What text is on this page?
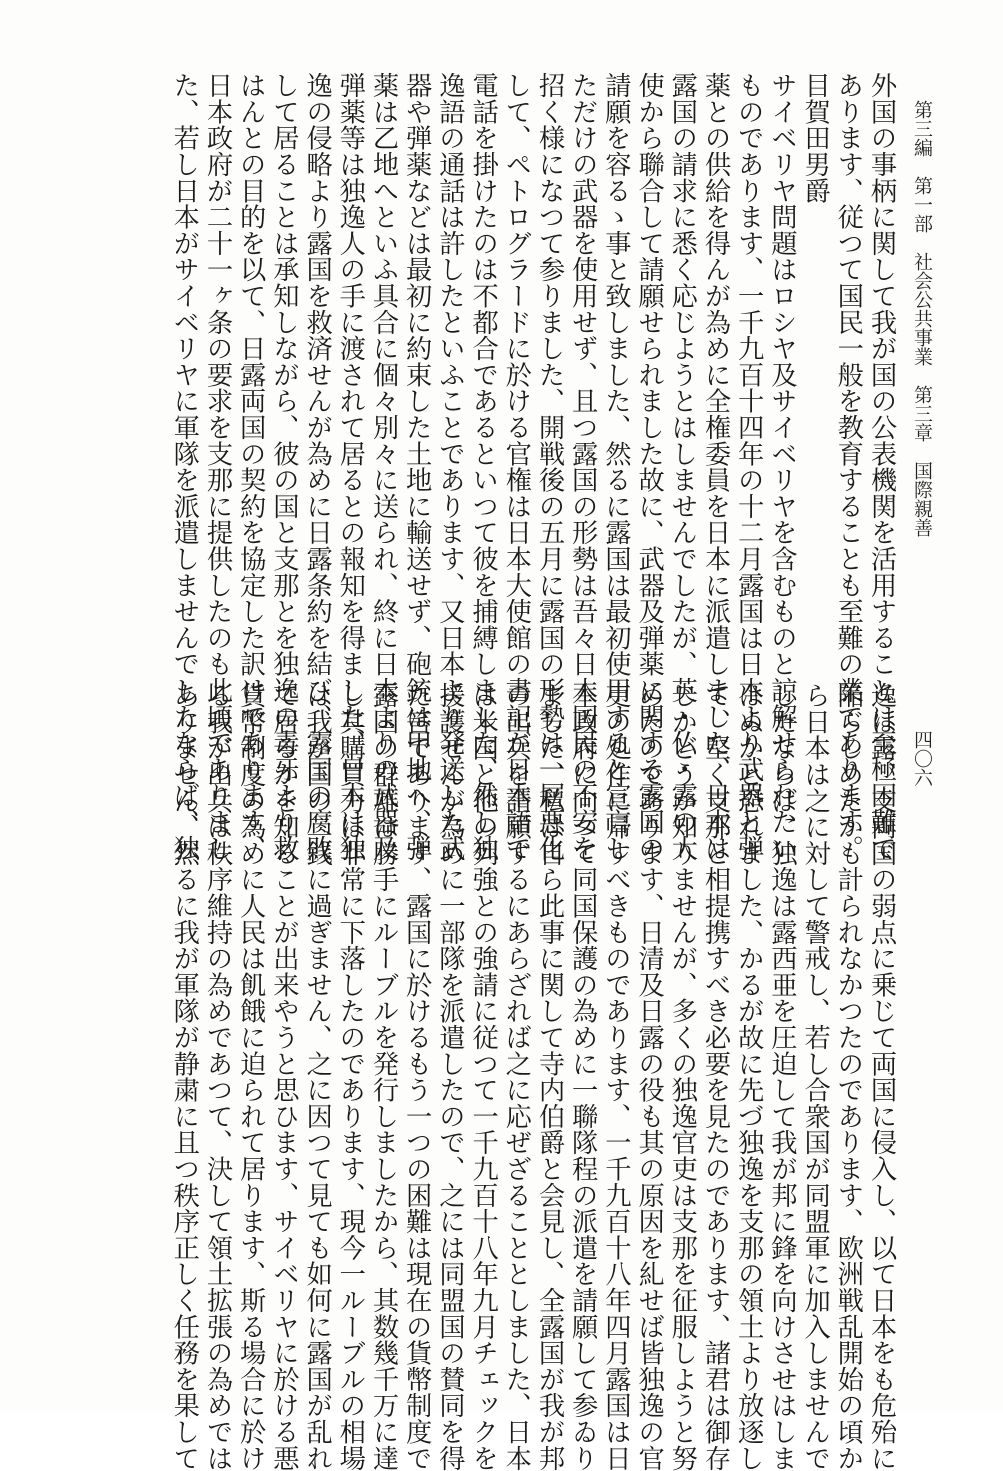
第三編　第一部　社会公共事業　第三章　国際親善
四〇六
外国の事柄に関して我が国の公表機関を活用することは至極困難で
あります、従つて国民一般を教育することも至難の業であります。
目賀田男爵
サイベリヤ問題はロシヤ及サイベリヤを含むものと諒解せられたい
ものであります、一千九百十四年の十二月露国は日本より武器と弾
薬との供給を得んが為めに全権委員を日本に派遣しました、日本は
露国の請求に悉く応じようとはしませんでしたが、英・仏・露の大
使から聯合して請願せられました故に、武器及弾薬に関する露国の
請願を容るゝ事と致しました、然るに露国は最初使用すると宣言し
ただけの武器を使用せず、且つ露国の形勢は吾々日本国民の不安を
招く様になつて参りました、開戦後の五月に露国の形勢は一層悪化
して、ペトログラードに於ける官権は日本大使館の書記が日本語で
電話を掛けたのは不都合であるといつて彼を捕縛しました、然し独
逸語の通話は許したといふことであります、又日本より発送した武
器や弾薬などは最初に約束した土地に輸送せず、砲銃は甲地へ、弾
薬は乙地へといふ具合に個々別々に送られ、終に日本よりの武器及
弾薬等は独逸人の手に渡されて居るとの報知を得ました、日本は独
逸の侵略より露国を救済せんが為めに日露条約を結び、露国の腐敗
して居ることは承知しながら、彼の国と支那とを独逸の毒牙より救
はんとの目的を以て、日露両国の契約を協定した訳けであります、
日本政府が二十一ヶ条の要求を支那に提供したのも此頃でありまし
た、若し日本がサイベリヤに軍隊を派遣しませんでしたならば、独
逸は露、支両国の弱点に乗じて両国に侵入し、以て日本をも危殆に
陥らしめたかも計られなかつたのであります、欧洲戦乱開始の頃か
ら日本は之に対して警戒し、若し合衆国が同盟軍に加入しませんで
したならば、独逸は露西亜を圧迫して我が邦に鋒を向けさせはしま
はぬかと恐れました、かるが故に先づ独逸を支那の領土より放逐し
て、堅く支那と相提携すべき必要を見たのであります、諸君は御存
じかどうか知りませんが、多くの独逸官吏は支那を征服しようと努
めたのであります、日清及日露の役も其の原因を糺せば皆独逸の官
吏の処作に帰すべきものであります、一千九百十八年四月露国は日
本政府に向つて同国保護の為めに一聯隊程の派遣を請願して参ゐり
ました、私は自ら此事に関して寺内伯爵と会見し、全露国が我が邦
の出兵を請願するにあらざれば之に応ぜざることとしました、日本
は米国と他の列強との強請に従つて一千九百十八年九月チェックを
援護せんが為めに一部隊を派遣したので、之には同盟国の賛同を得
た筈であります、露国に於けるもう一つの困難は現在の貨幣制度で
露国の群雄は勝手にルーブルを発行しましたから、其数幾千万に達
し其購買力は非常に下落したのであります、現今一ルーブルの相場
は我が国の二銭に過ぎません、之に因つて見ても如何に露国が乱れ
て居るかを知ることが出来やうと思ひます、サイベリヤに於ける悪
貨幣制度の為めに人民は飢餓に迫られて居ります、斯る場合に於け
る我が出兵は秩序維持の為めであつて、決して領土拡張の為めでは
ありません、然るに我が軍隊が静粛に且つ秩序正しく任務を果して
